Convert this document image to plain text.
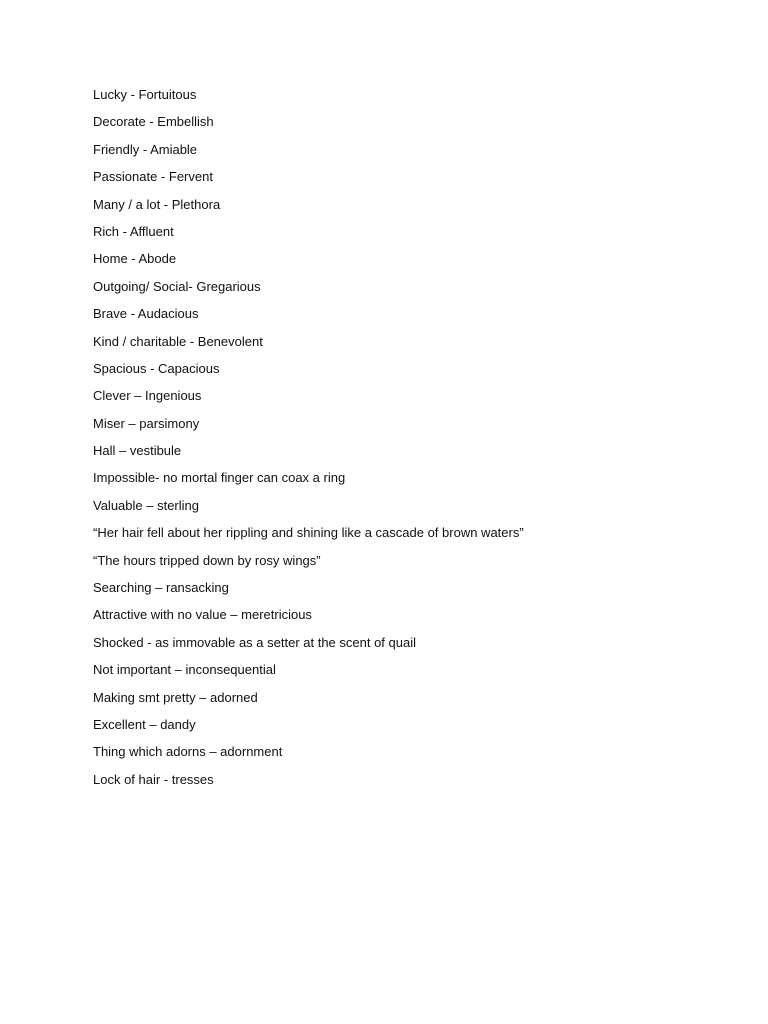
Lucky - Fortuitous
Decorate - Embellish
Friendly - Amiable
Passionate - Fervent
Many / a lot - Plethora
Rich - Affluent
Home - Abode
Outgoing/ Social- Gregarious
Brave - Audacious
Kind / charitable - Benevolent
Spacious - Capacious
Clever – Ingenious
Miser – parsimony
Hall – vestibule
Impossible- no mortal finger can coax a ring
Valuable – sterling
“Her hair fell about her rippling and shining like a cascade of brown waters”
“The hours tripped down by rosy wings”
Searching – ransacking
Attractive with no value – meretricious
Shocked - as immovable as a setter at the scent of quail
Not important – inconsequential
Making smt pretty – adorned
Excellent – dandy
Thing which adorns – adornment
Lock of hair - tresses
